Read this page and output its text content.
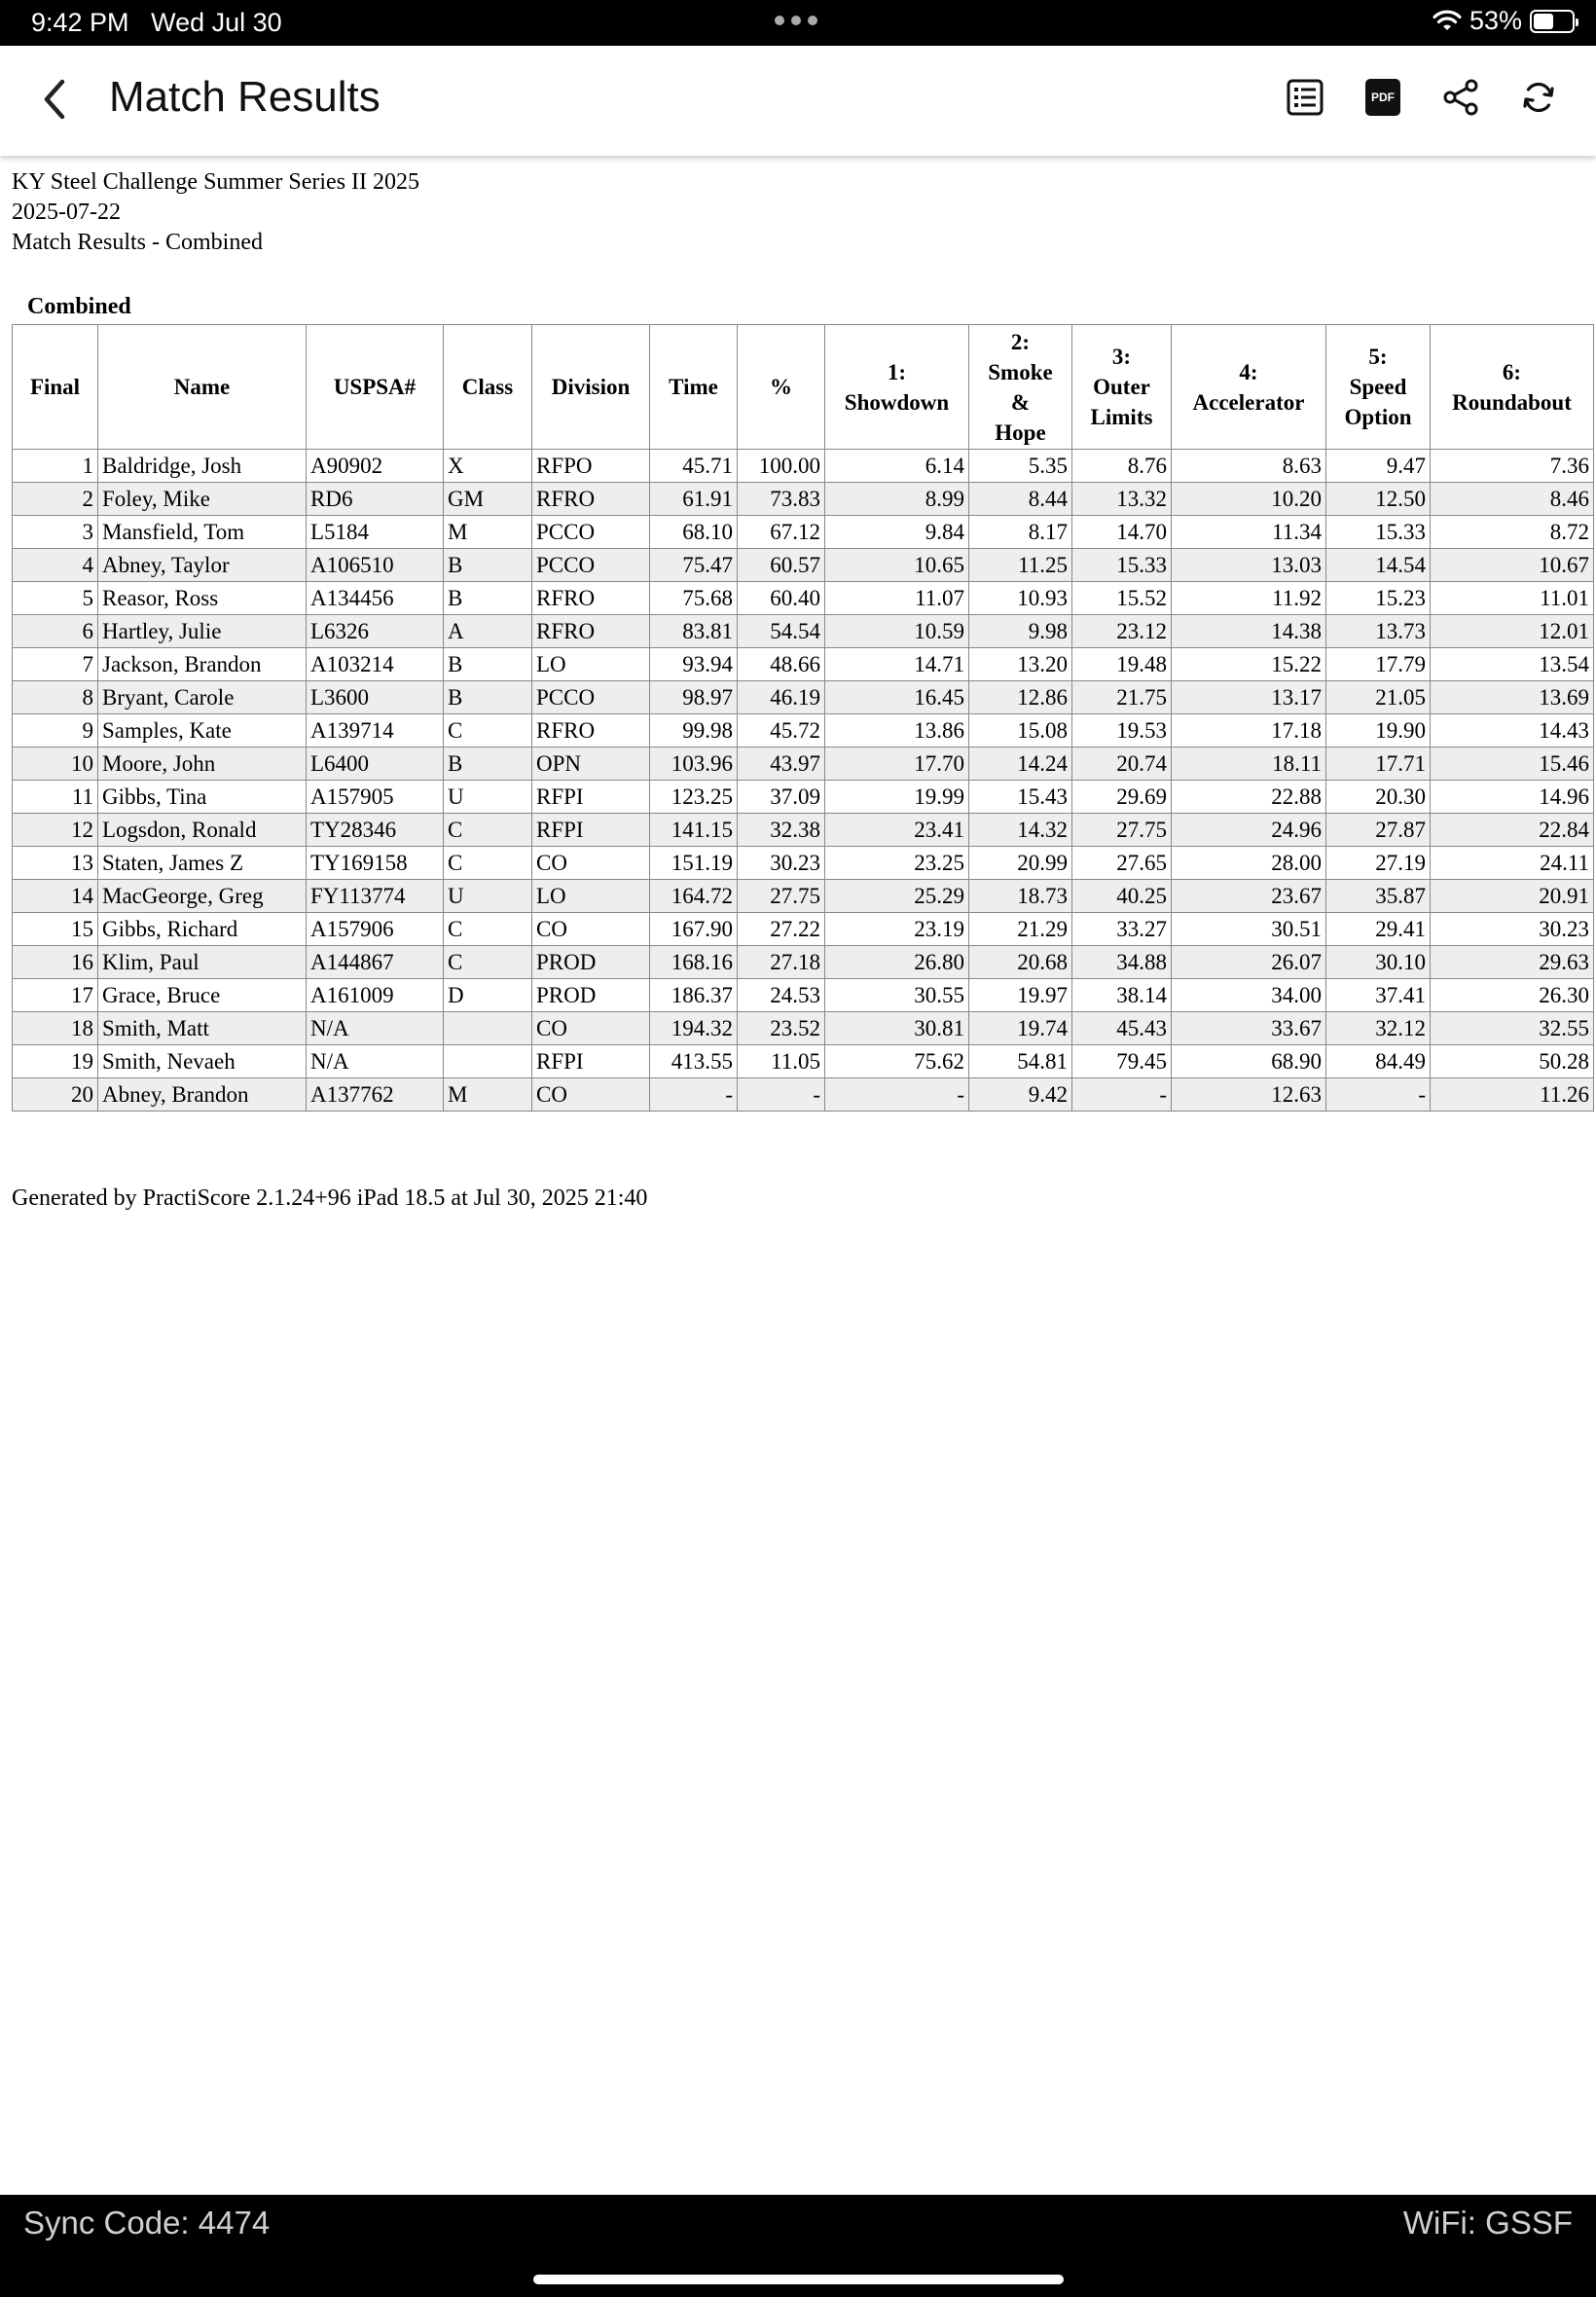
9:42 PM Wed Jul 30	53%
Match Results	PDF
KY Steel Challenge Summer Series II 2025
2025-07-22
Match Results - Combined
Combined
Final	Name	USPSA#	Class	Division	Time	%	1:
Showdown	2:
Smoke
&
Hope	3:
Outer
Limits	4:
Accelerator	5:
Speed
Option	6:
Roundabout
1	Baldridge, Josh	A90902	X	RFPO	45.71	100.00	6.14	5.35	8.76	8.63	9.47	7.36
2	Foley, Mike	RD6	GM	RFRO	61.91	73.83	8.99	8.44	13.32	10.20	12.50	8.46
3	Mansfield, Tom	L5184	M	PCCO	68.10	67.12	9.84	8.17	14.70	11.34	15.33	8.72
4	Abney, Taylor	A106510	B	PCCO	75.47	60.57	10.65	11.25	15.33	13.03	14.54	10.67
5	Reasor, Ross	A134456	B	RFRO	75.68	60.40	11.07	10.93	15.52	11.92	15.23	11.01
6	Hartley, Julie	L6326	A	RFRO	83.81	54.54	10.59	9.98	23.12	14.38	13.73	12.01
7	Jackson, Brandon	A103214	B	LO	93.94	48.66	14.71	13.20	19.48	15.22	17.79	13.54
8	Bryant, Carole	L3600	B	PCCO	98.97	46.19	16.45	12.86	21.75	13.17	21.05	13.69
9	Samples, Kate	A139714	C	RFRO	99.98	45.72	13.86	15.08	19.53	17.18	19.90	14.43
10	Moore, John	L6400	B	OPN	103.96	43.97	17.70	14.24	20.74	18.11	17.71	15.46
11	Gibbs, Tina	A157905	U	RFPI	123.25	37.09	19.99	15.43	29.69	22.88	20.30	14.96
12	Logsdon, Ronald	TY28346	C	RFPI	141.15	32.38	23.41	14.32	27.75	24.96	27.87	22.84
13	Staten, James Z	TY169158	C	CO	151.19	30.23	23.25	20.99	27.65	28.00	27.19	24.11
14	MacGeorge, Greg	FY113774	U	LO	164.72	27.75	25.29	18.73	40.25	23.67	35.87	20.91
15	Gibbs, Richard	A157906	C	CO	167.90	27.22	23.19	21.29	33.27	30.51	29.41	30.23
16	Klim, Paul	A144867	C	PROD	168.16	27.18	26.80	20.68	34.88	26.07	30.10	29.63
17	Grace, Bruce	A161009	D	PROD	186.37	24.53	30.55	19.97	38.14	34.00	37.41	26.30
18	Smith, Matt	N/A		CO	194.32	23.52	30.81	19.74	45.43	33.67	32.12	32.55
19	Smith, Nevaeh	N/A		RFPI	413.55	11.05	75.62	54.81	79.45	68.90	84.49	50.28
20	Abney, Brandon	A137762	M	CO	-	-	-	9.42	-	12.63	-	11.26
Generated by PractiScore 2.1.24+96 iPad 18.5 at Jul 30, 2025 21:40
Sync Code: 4474	WiFi: GSSF
